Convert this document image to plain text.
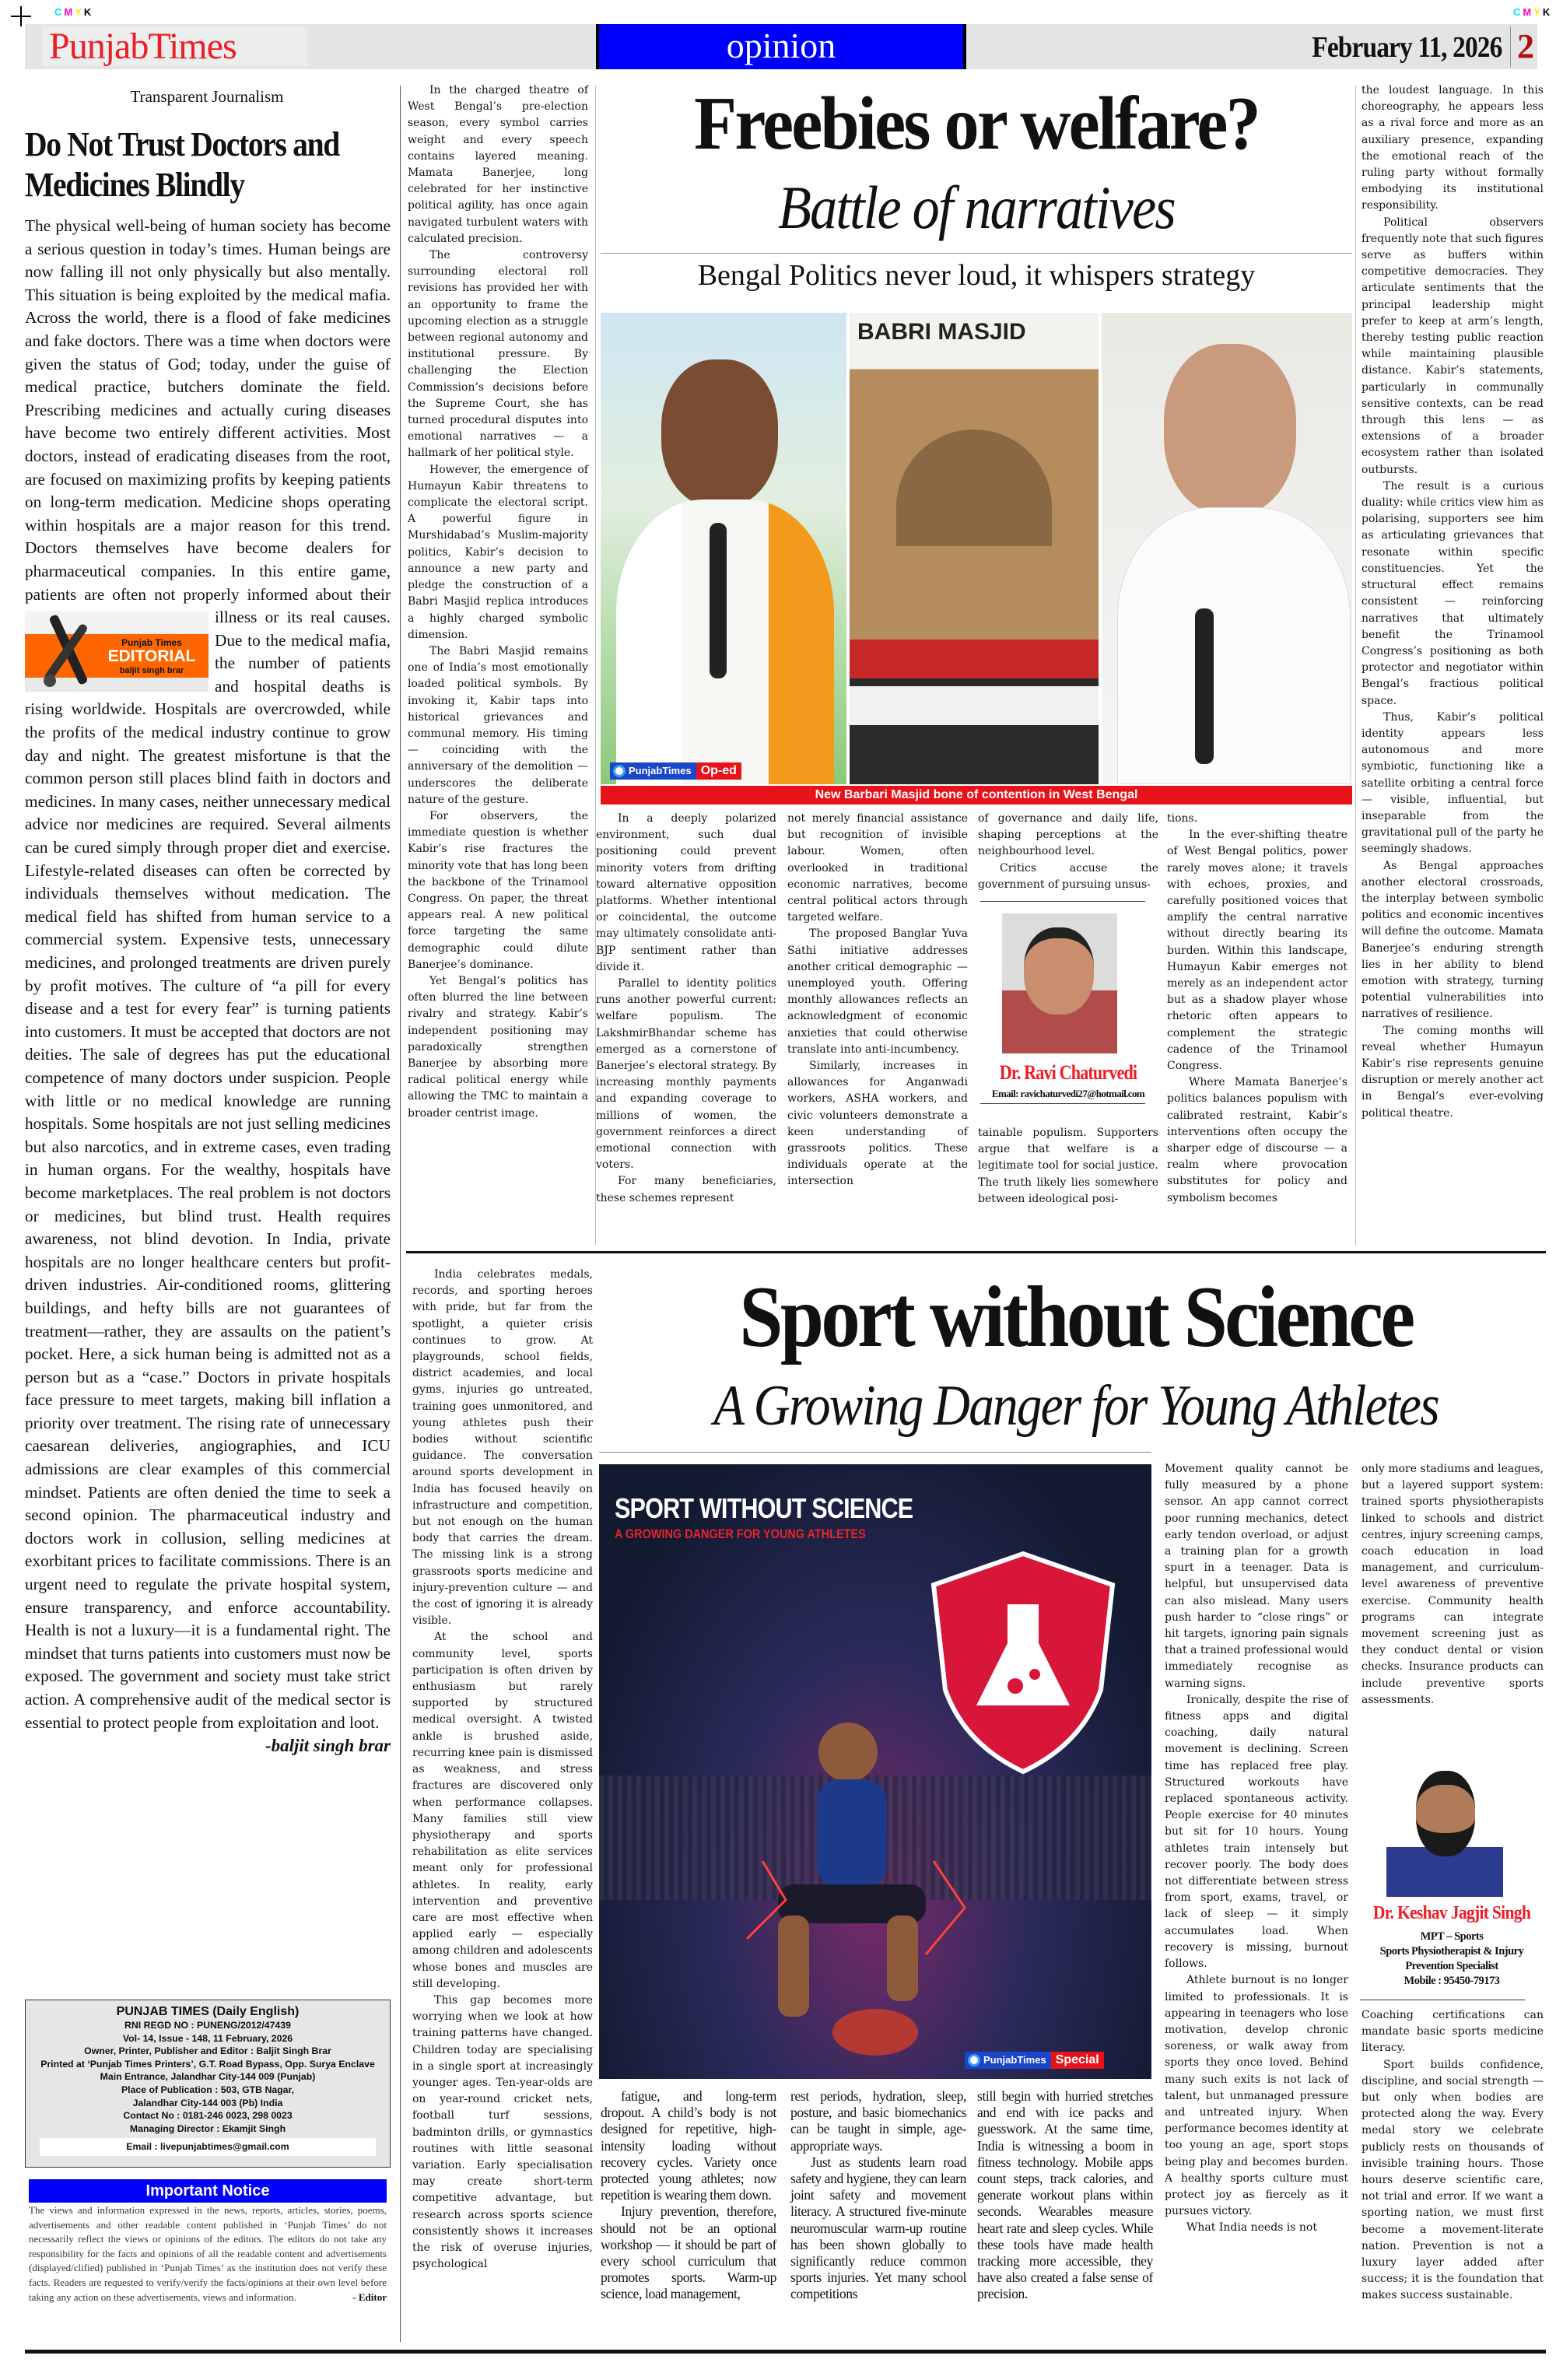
CMYK	CMYK
PunjabTimes	opinion	February 11, 2026 2
Transparent Journalism
Do Not Trust Doctors and Medicines Blindly
The physical well-being of human society has become a serious question in today’s times. Human beings are now falling ill not only physically but also mentally. This situation is being exploited by the medical mafia. Across the world, there is a flood of fake medicines and fake doctors. There was a time when doctors were given the status of God; today, under the guise of medical practice, butchers dominate the field. Prescribing medicines and actually curing diseases have become two entirely different activities. Most doctors, instead of eradicating diseases from the root, are focused on maximizing profits by keeping patients on long-term medication. Medicine shops operating within hospitals are a major reason for this trend. Doctors themselves have become dealers for pharmaceutical companies. In this entire game, patients are often not properly
Punjab Times
EDITORIAL
baljit singh brar
informed about their illness or its real causes. Due to the medical mafia, the number of patients and hospital deaths is rising worldwide. Hospitals are overcrowded, while the profits of the medical industry continue to grow day and night. The greatest misfortune is that the common person still places blind faith in doctors and medicines. In many cases, neither unnecessary medical advice nor medicines are required. Several ailments can be cured simply through proper diet and exercise. Lifestyle-related diseases can often be corrected by individuals themselves without medication. The medical field has shifted from human service to a commercial system. Expensive tests, unnecessary medicines, and prolonged treatments are driven purely by profit motives. The culture of “a pill for every disease and a test for every fear” is turning patients into customers. It must be accepted that doctors are not deities. The sale of degrees has put the educational competence of many doctors under suspicion. People with little or no medical knowledge are running hospitals. Some hospitals are not just selling medicines but also narcotics, and in extreme cases, even trading in human organs. For the wealthy, hospitals have become marketplaces. The real problem is not doctors or medicines, but blind trust. Health requires awareness, not blind devotion. In India, private hospitals are no longer healthcare centers but profit-driven industries. Air-conditioned rooms, glittering buildings, and hefty bills are not guarantees of treatment—rather, they are assaults on the patient’s pocket. Here, a sick human being is admitted not as a person but as a “case.” Doctors in private hospitals face pressure to meet targets, making bill inflation a priority over treatment. The rising rate of unnecessary caesarean deliveries, angiographies, and ICU admissions are clear examples of this commercial mindset. Patients are often denied the time to seek a second opinion. The pharmaceutical industry and doctors work in collusion, selling medicines at exorbitant prices to facilitate commissions. There is an urgent need to regulate the private hospital system, ensure transparency, and enforce accountability. Health is not a luxury—it is a fundamental right. The mindset that turns patients into customers must now be exposed. The government and society must take strict action. A comprehensive audit of the medical sector is essential to protect people from exploitation and loot.
-baljit singh brar
PUNJAB TIMES (Daily English)
RNI REGD NO : PUNENG/2012/47439
Vol- 14, Issue - 148, 11 February, 2026
Owner, Printer, Publisher and Editor : Baljit Singh Brar
Printed at ‘Punjab Times Printers’, G.T. Road Bypass, Opp. Surya Enclave Main Entrance, Jalandhar City-144 009 (Punjab)
Place of Publication : 503, GTB Nagar,
Jalandhar City-144 003 (Pb) India
Contact No : 0181-246 0023, 298 0023
Managing Director : Ekamjit Singh
Email : livepunjabtimes@gmail.com
Important Notice
The views and information expressed in the news, reports, articles, stories, poems, advertisements and other readable content published in ‘Punjab Times’ do not necessarily reflect the views or opinions of the editors. The editors do not take any responsibility for the facts and opinions of all the readable content and advertisements (displayed/clified) published in ‘Punjab Times’ as the institution does not verify these facts. Readers are requested to verify/verify the facts/opinions at their own level before taking any action on these advertisements, views and information.	- Editor

In the charged theatre of West Bengal’s pre-election season, every symbol carries weight and every speech contains layered meaning. Mamata Banerjee, long celebrated for her instinctive political agility, has once again navigated turbulent waters with calculated precision.

The controversy surrounding electoral roll revisions has provided her with an opportunity to frame the upcoming election as a struggle between regional autonomy and institutional pressure. By challenging the Election Commission’s decisions before the Supreme Court, she has turned procedural disputes into emotional narratives — a hallmark of her political style.

However, the emergence of Humayun Kabir threatens to complicate the electoral script. A powerful figure in Murshidabad’s Muslim-majority politics, Kabir’s decision to announce a new party and pledge the construction of a Babri Masjid replica introduces a highly charged symbolic dimension.

The Babri Masjid remains one of India’s most emotionally loaded political symbols. By invoking it, Kabir taps into historical grievances and communal memory. His timing — coinciding with the anniversary of the demolition — underscores the deliberate nature of the gesture.

For observers, the immediate question is whether Kabir’s rise fractures the minority vote that has long been the backbone of the Trinamool Congress. On paper, the threat appears real. A new political force targeting the same demographic could dilute Banerjee’s dominance.

Yet Bengal’s politics has often blurred the line between rivalry and strategy. Kabir’s independent positioning may paradoxically strengthen Banerjee by absorbing more radical political energy while allowing the TMC to maintain a broader centrist image.

Freebies or welfare?
Battle of narratives
Bengal Politics never loud, it whispers strategy
BABRI MASJID
PunjabTimes Op-ed
New Barbari Masjid bone of contention in West Bengal

In a deeply polarized environment, such dual positioning could prevent minority voters from drifting toward alternative opposition platforms. Whether intentional or coincidental, the outcome may ultimately consolidate anti-BJP sentiment rather than divide it.

Parallel to identity politics runs another powerful current: welfare populism. The LakshmirBhandar scheme has emerged as a cornerstone of Banerjee’s electoral strategy. By increasing monthly payments and expanding coverage to millions of women, the government reinforces a direct emotional connection with voters.

For many beneficiaries, these schemes represent

not merely financial assistance but recognition of invisible labour. Women, often overlooked in traditional economic narratives, become central political actors through targeted welfare.

The proposed Banglar Yuva Sathi initiative addresses another critical demographic — unemployed youth. Offering monthly allowances reflects an acknowledgment of economic anxieties that could otherwise translate into anti-incumbency.

Similarly, increases in allowances for Anganwadi workers, ASHA workers, and civic volunteers demonstrate a keen understanding of grassroots politics. These individuals operate at the intersection

of governance and daily life, shaping perceptions at the neighbourhood level.

Critics accuse the government of pursuing unsus-

Dr. Ravi Chaturvedi
Email: ravichaturvedi27@hotmail.com

tainable populism. Supporters argue that welfare is a legitimate tool for social justice. The truth likely lies somewhere between ideological posi-

tions.

In the ever-shifting theatre of West Bengal politics, power rarely moves alone; it travels with echoes, proxies, and carefully positioned voices that amplify the central narrative without directly bearing its burden. Within this landscape, Humayun Kabir emerges not merely as an independent actor but as a shadow player whose rhetoric often appears to complement the strategic cadence of the Trinamool Congress.

Where Mamata Banerjee’s politics balances populism with calibrated restraint, Kabir’s interventions often occupy the sharper edge of discourse — a realm where provocation substitutes for policy and symbolism becomes

the loudest language. In this choreography, he appears less as a rival force and more as an auxiliary presence, expanding the emotional reach of the ruling party without formally embodying its institutional responsibility.

Political observers frequently note that such figures serve as buffers within competitive democracies. They articulate sentiments that the principal leadership might prefer to keep at arm’s length, thereby testing public reaction while maintaining plausible distance. Kabir’s statements, particularly in communally sensitive contexts, can be read through this lens — as extensions of a broader ecosystem rather than isolated outbursts.

The result is a curious duality: while critics view him as polarising, supporters see him as articulating grievances that resonate within specific constituencies. Yet the structural effect remains consistent — reinforcing narratives that ultimately benefit the Trinamool Congress’s positioning as both protector and negotiator within Bengal’s fractious political space.

Thus, Kabir’s political identity appears less autonomous and more symbiotic, functioning like a satellite orbiting a central force — visible, influential, but inseparable from the gravitational pull of the party he seemingly shadows.

As Bengal approaches another electoral crossroads, the interplay between symbolic politics and economic incentives will define the outcome. Mamata Banerjee’s enduring strength lies in her ability to blend emotion with strategy, turning potential vulnerabilities into narratives of resilience.

The coming months will reveal whether Humayun Kabir’s rise represents genuine disruption or merely another act in Bengal’s ever-evolving political theatre.

India celebrates medals, records, and sporting heroes with pride, but far from the spotlight, a quieter crisis continues to grow. At playgrounds, school fields, district academies, and local gyms, injuries go untreated, training goes unmonitored, and young athletes push their bodies without scientific guidance. The conversation around sports development in India has focused heavily on infrastructure and competition, but not enough on the human body that carries the dream. The missing link is a strong grassroots sports medicine and injury-prevention culture — and the cost of ignoring it is already visible.

At the school and community level, sports participation is often driven by enthusiasm but rarely supported by structured medical oversight. A twisted ankle is brushed aside, recurring knee pain is dismissed as weakness, and stress fractures are discovered only when performance collapses. Many families still view physiotherapy and sports rehabilitation as elite services meant only for professional athletes. In reality, early intervention and preventive care are most effective when applied early — especially among children and adolescents whose bones and muscles are still developing.

This gap becomes more worrying when we look at how training patterns have changed. Children today are specialising in a single sport at increasingly younger ages. Ten-year-olds are on year-round cricket nets, football turf sessions, badminton drills, or gymnastics routines with little seasonal variation. Early specialisation may create short-term competitive advantage, but research across sports science consistently shows it increases the risk of overuse injuries, psychological

Sport without Science
A Growing Danger for Young Athletes
SPORT WITHOUT SCIENCE
A GROWING DANGER FOR YOUNG ATHLETES
PunjabTimes Special

fatigue, and long-term dropout. A child’s body is not designed for repetitive, high-intensity loading without recovery cycles. Variety once protected young athletes; now repetition is wearing them down.

Injury prevention, therefore, should not be an optional workshop — it should be part of every school curriculum that promotes sports. Warm-up science, load management,

rest periods, hydration, sleep, posture, and basic biomechanics can be taught in simple, age-appropriate ways.

Just as students learn road safety and hygiene, they can learn joint safety and movement literacy. A structured five-minute neuromuscular warm-up routine has been shown globally to significantly reduce common sports injuries. Yet many school competitions

still begin with hurried stretches and end with ice packs and guesswork. At the same time, India is witnessing a boom in fitness technology. Mobile apps count steps, track calories, and generate workout plans within seconds. Wearables measure heart rate and sleep cycles. While these tools have made health tracking more accessible, they have also created a false sense of precision.

Movement quality cannot be fully measured by a phone sensor. An app cannot correct poor running mechanics, detect early tendon overload, or adjust a training plan for a growth spurt in a teenager. Data is helpful, but unsupervised data can also mislead. Many users push harder to “close rings” or hit targets, ignoring pain signals that a trained professional would immediately recognise as warning signs.

Ironically, despite the rise of fitness apps and digital coaching, daily natural movement is declining. Screen time has replaced free play. Structured workouts have replaced spontaneous activity. People exercise for 40 minutes but sit for 10 hours. Young athletes train intensely but recover poorly. The body does not differentiate between stress from sport, exams, travel, or lack of sleep — it simply accumulates load. When recovery is missing, burnout follows.

Athlete burnout is no longer limited to professionals. It is appearing in teenagers who lose motivation, develop chronic soreness, or walk away from sports they once loved. Behind many such exits is not lack of talent, but unmanaged pressure and untreated injury. When performance becomes identity at too young an age, sport stops being play and becomes burden. A healthy sports culture must protect joy as fiercely as it pursues victory.

What India needs is not

only more stadiums and leagues, but a layered support system: trained sports physiotherapists linked to schools and district centres, injury screening camps, coach education in load management, and curriculum-level awareness of preventive exercise. Community health programs can integrate movement screening just as they conduct dental or vision checks. Insurance products can include preventive sports assessments.

Dr. Keshav Jagjit Singh
MPT – Sports
Sports Physiotherapist & Injury
Prevention Specialist
Mobile : 95450-79173

Coaching certifications can mandate basic sports medicine literacy.

Sport builds confidence, discipline, and social strength — but only when bodies are protected along the way. Every medal story we celebrate publicly rests on thousands of invisible training hours. Those hours deserve scientific care, not trial and error. If we want a sporting nation, we must first become a movement-literate nation. Prevention is not a luxury layer added after success; it is the foundation that makes success sustainable.
